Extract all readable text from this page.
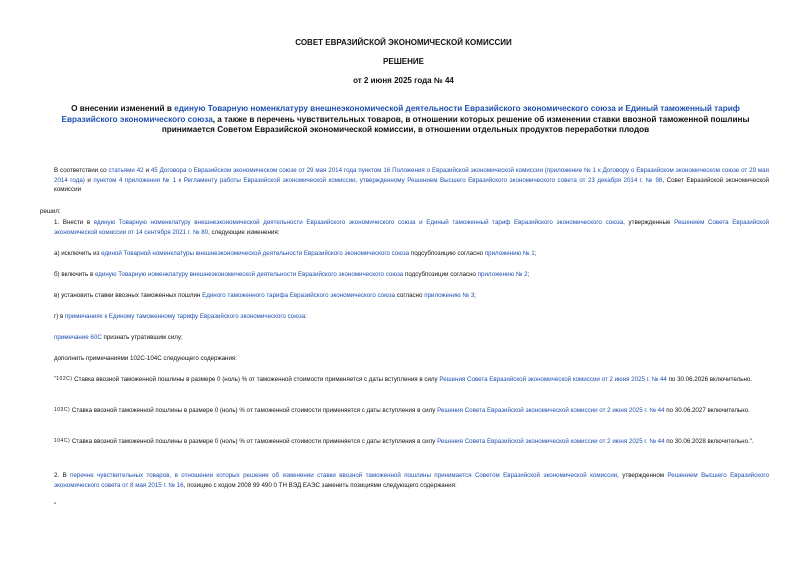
СОВЕТ ЕВРАЗИЙСКОЙ ЭКОНОМИЧЕСКОЙ КОМИССИИ
РЕШЕНИЕ
от 2 июня 2025 года № 44
О внесении изменений в единую Товарную номенклатуру внешнеэкономической деятельности Евразийского экономического союза и Единый таможенный тариф Евразийского экономического союза, а также в перечень чувствительных товаров, в отношении которых решение об изменении ставки ввозной таможенной пошлины принимается Советом Евразийской экономической комиссии, в отношении отдельных продуктов переработки плодов
В соответствии со статьями 42 и 45 Договора о Евразийском экономическом союзе от 29 мая 2014 года пунктом 16 Положения о Евразийской экономической комиссии (приложение № 1 к Договору о Евразийском экономическом союзе от 29 мая 2014 года) и пунктом 4 приложения № 1 к Регламенту работы Евразийской экономической комиссии, утвержденному Решением Высшего Евразийского экономического совета от 23 декабря 2014 г. № 98, Совет Евразийской экономической комиссии
решил:
1. Внести в единую Товарную номенклатуру внешнеэкономической деятельности Евразийского экономического союза и Единый таможенный тариф Евразийского экономического союза, утвержденные Решением Совета Евразийской экономической комиссии от 14 сентября 2021 г. № 80, следующие изменения:
а) исключить из единой Товарной номенклатуры внешнеэкономической деятельности Евразийского экономического союза подсубпозицию согласно приложению № 1;
б) включить в единую Товарную номенклатуру внешнеэкономической деятельности Евразийского экономического союза подсубпозиции согласно приложению № 2;
в) установить ставки ввозных таможенных пошлин Единого таможенного тарифа Евразийского экономического союза согласно приложению № 3;
г) в примечаниях к Единому таможенному тарифу Евразийского экономического союза:
примечание 60С признать утратившим силу;
дополнить примечаниями 102С-104С следующего содержания:
"102С) Ставка ввозной таможенной пошлины в размере 0 (ноль) % от таможенной стоимости применяется с даты вступления в силу Решения Совета Евразийской экономической комиссии от 2 июня 2025 г. № 44 по 30.06.2026 включительно.
103С) Ставка ввозной таможенной пошлины в размере 0 (ноль) % от таможенной стоимости применяется с даты вступления в силу Решения Совета Евразийской экономической комиссии от 2 июня 2025 г. № 44 по 30.06.2027 включительно.
104С) Ставка ввозной таможенной пошлины в размере 0 (ноль) % от таможенной стоимости применяется с даты вступления в силу Решения Совета Евразийской экономической комиссии от 2 июня 2025 г. № 44 по 30.06.2028 включительно.".
2. В перечне чувствительных товаров, в отношении которых решение об изменении ставки ввозной таможенной пошлины принимается Советом Евразийской экономической комиссии, утвержденном Решением Высшего Евразийского экономического совета от 8 мая 2015 г. № 16, позицию с кодом 2008 99 490 0 ТН ВЭД ЕАЭС заменить позициями следующего содержания:
"
